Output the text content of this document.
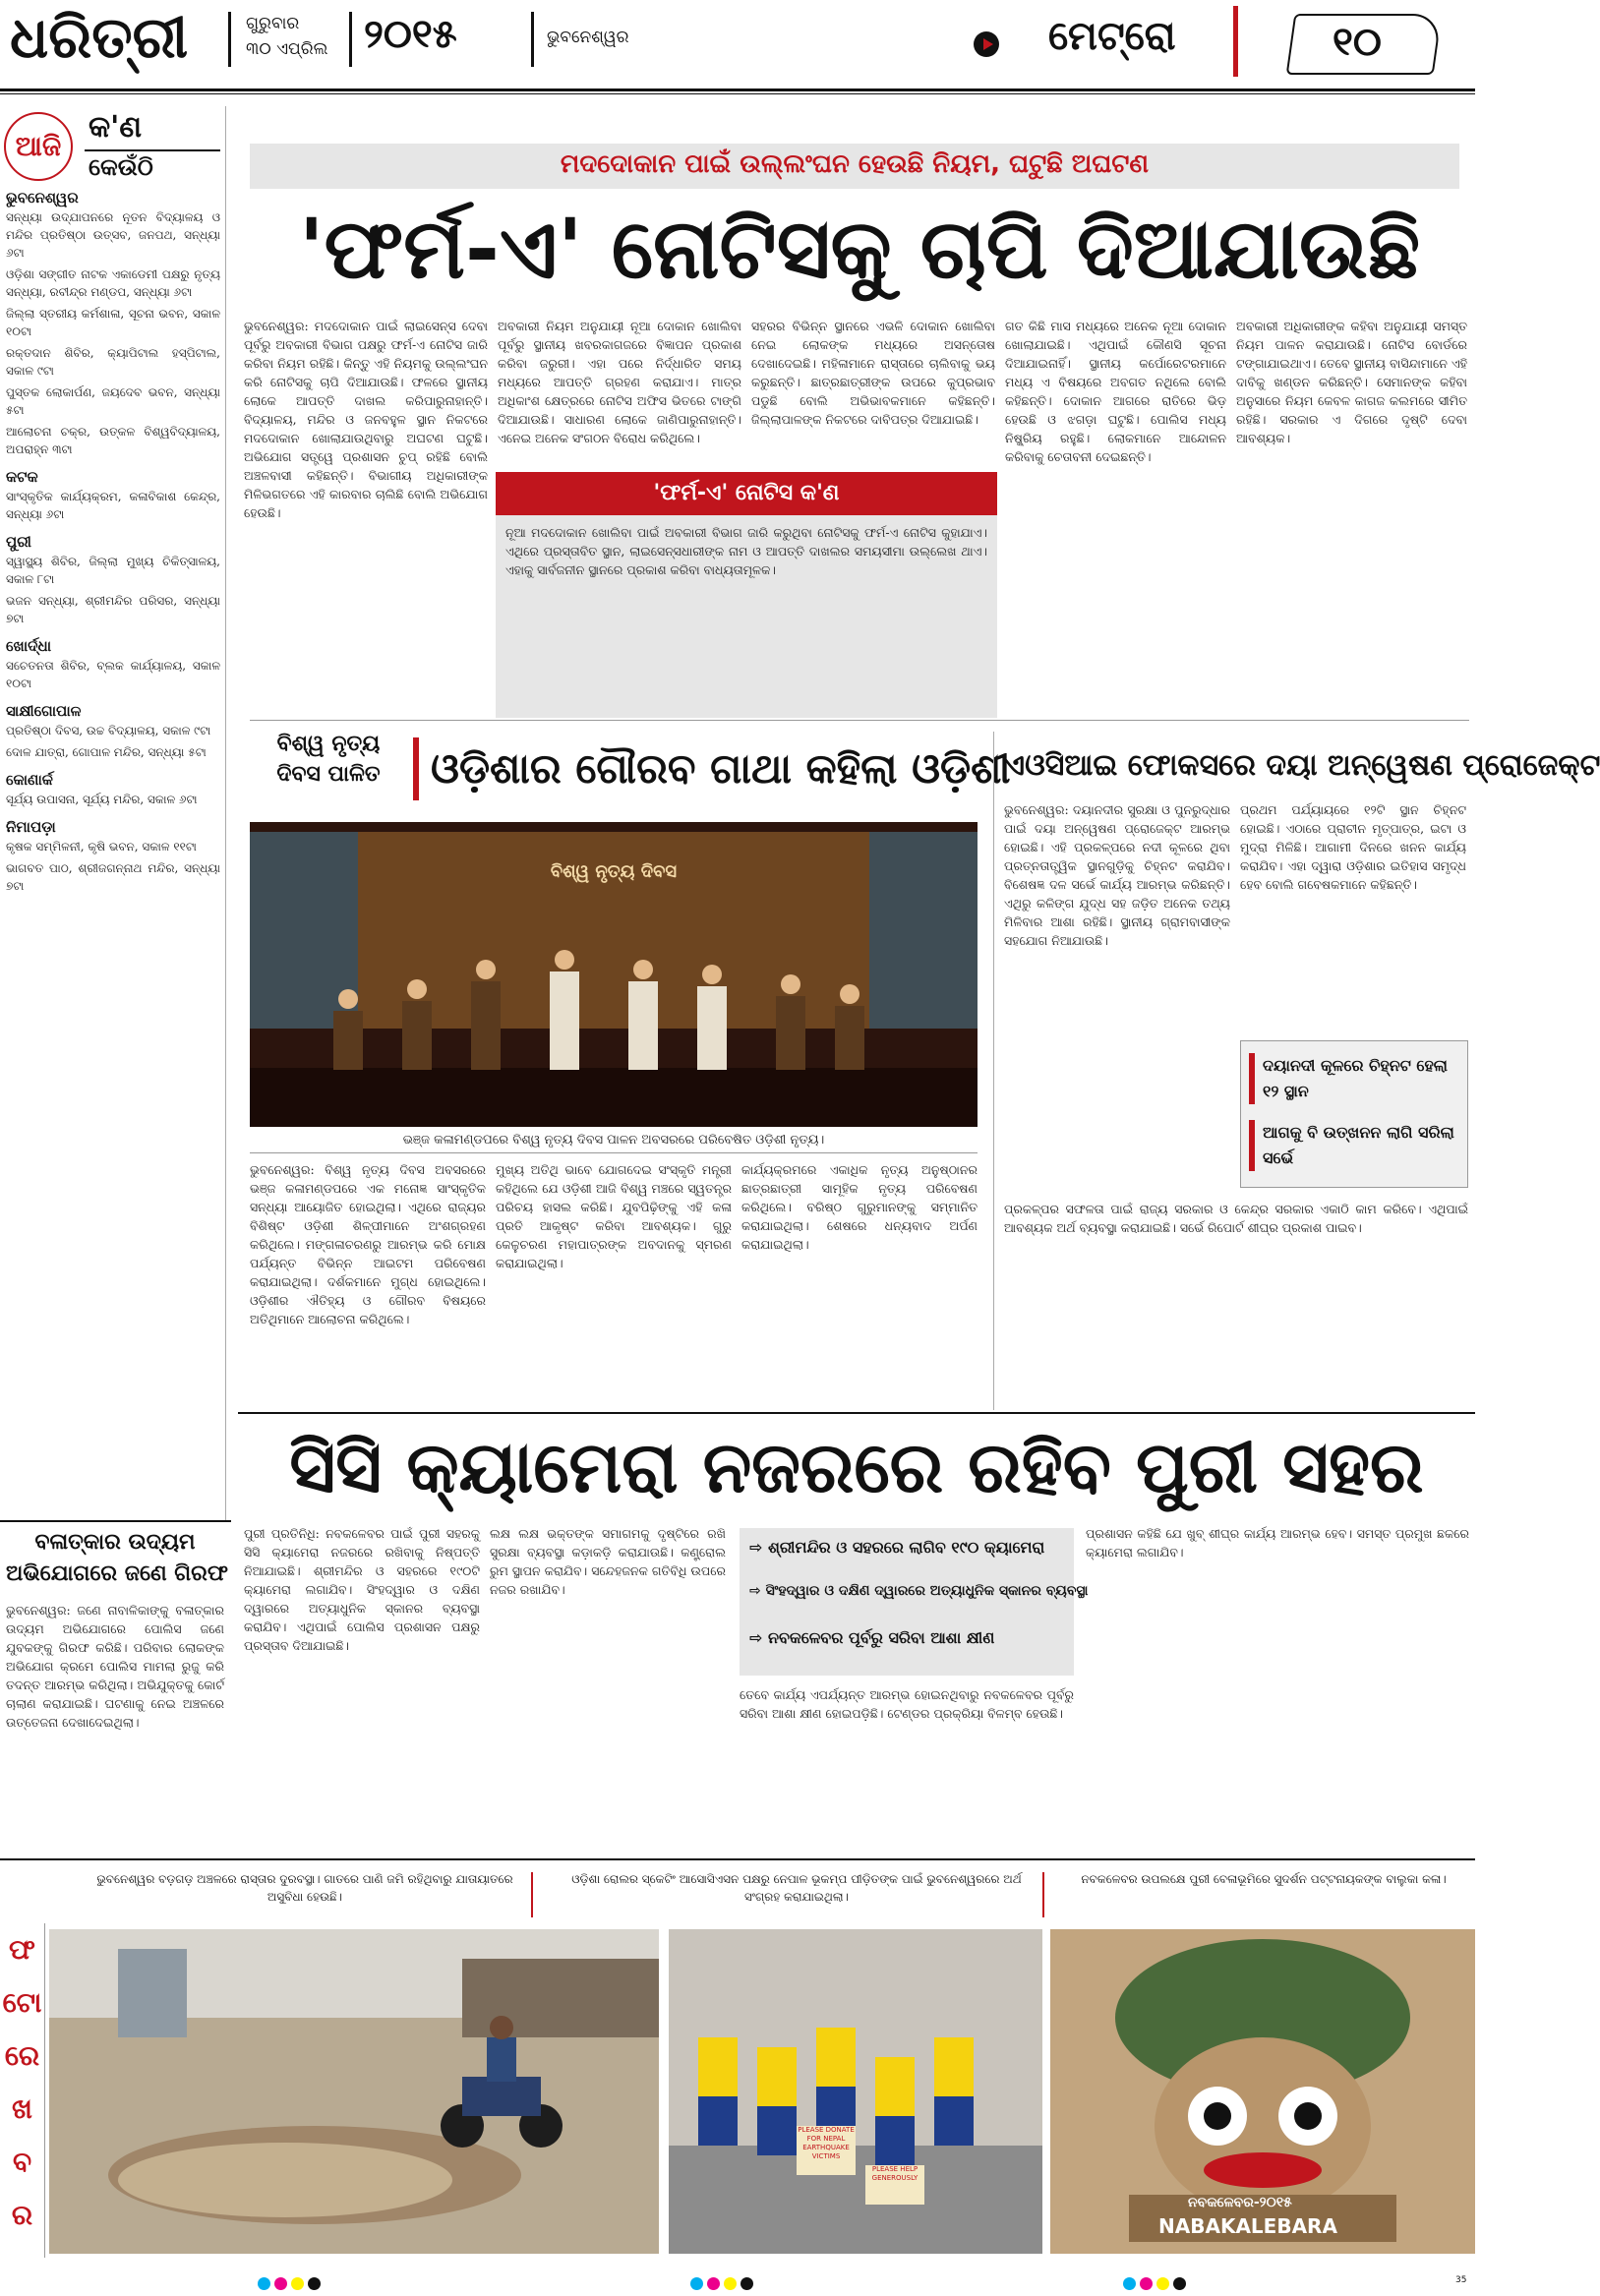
ଧରିତ୍ରୀ	ଗୁରୁବାର
୩୦ ଏପ୍ରିଲ ୨୦୧୫	ଭୁବନେଶ୍ୱର	ମେଟ୍ରୋ	୧୦
ଆଜି
କ'ଣ
କେଉଁଠି
ଭୁବନେଶ୍ୱର
ସନ୍ଧ୍ୟା ଉଦ୍‌ଯାପନରେ ନୂତନ ବିଦ୍ୟାଳୟ ଓ ମନ୍ଦିର ପ୍ରତିଷ୍ଠା ଉତ୍ସବ, ଜନପଥ, ସନ୍ଧ୍ୟା ୬ଟା
ଓଡ଼ିଶା ସଙ୍ଗୀତ ନାଟକ ଏକାଡେମୀ ପକ୍ଷରୁ ନୃତ୍ୟ ସନ୍ଧ୍ୟା, ରବୀନ୍ଦ୍ର ମଣ୍ଡପ, ସନ୍ଧ୍ୟା ୬ଟା
ଜିଲ୍ଲା ସ୍ତରୀୟ କର୍ମଶାଳା, ସୂଚନା ଭବନ, ସକାଳ ୧୦ଟା
ରକ୍ତଦାନ ଶିବିର, କ୍ୟାପିଟାଲ ହସ୍ପିଟାଲ, ସକାଳ ୯ଟା
ପୁସ୍ତକ ଲୋକାର୍ପଣ, ଜୟଦେବ ଭବନ, ସନ୍ଧ୍ୟା ୫ଟା
ଆଲୋଚନା ଚକ୍ର, ଉତ୍କଳ ବିଶ୍ୱବିଦ୍ୟାଳୟ, ଅପରାହ୍ନ ୩ଟା
କଟକ
ସାଂସ୍କୃତିକ କାର୍ଯ୍ୟକ୍ରମ, କଳାବିକାଶ କେନ୍ଦ୍ର, ସନ୍ଧ୍ୟା ୬ଟା
ପୁରୀ
ସ୍ୱାସ୍ଥ୍ୟ ଶିବିର, ଜିଲ୍ଲା ମୁଖ୍ୟ ଚିକିତ୍ସାଳୟ, ସକାଳ ୮ଟା
ଭଜନ ସନ୍ଧ୍ୟା, ଶ୍ରୀମନ୍ଦିର ପରିସର, ସନ୍ଧ୍ୟା ୭ଟା
ଖୋର୍ଦ୍ଧା
ସଚେତନତା ଶିବିର, ବ୍ଲକ କାର୍ଯ୍ୟାଳୟ, ସକାଳ ୧୦ଟା
ସାକ୍ଷୀଗୋପାଳ
ପ୍ରତିଷ୍ଠା ଦିବସ, ଉଚ୍ଚ ବିଦ୍ୟାଳୟ, ସକାଳ ୯ଟା
ଦୋଳ ଯାତ୍ରା, ଗୋପାଳ ମନ୍ଦିର, ସନ୍ଧ୍ୟା ୫ଟା
କୋଣାର୍କ
ସୂର୍ଯ୍ୟ ଉପାସନା, ସୂର୍ଯ୍ୟ ମନ୍ଦିର, ସକାଳ ୬ଟା
ନିମାପଡ଼ା
କୃଷକ ସମ୍ମିଳନୀ, କୃଷି ଭବନ, ସକାଳ ୧୧ଟା
ଭାଗବତ ପାଠ, ଶ୍ରୀଜଗନ୍ନାଥ ମନ୍ଦିର, ସନ୍ଧ୍ୟା ୭ଟା
ମଦଦୋକାନ ପାଇଁ ଉଲ୍ଲଂଘନ ହେଉଛି ନିୟମ, ଘଟୁଛି ଅଘଟଣ
'ଫର୍ମ-ଏ' ନୋଟିସକୁ ଚାପି ଦିଆଯାଉଛି
ଭୁବନେଶ୍ୱର: ମଦଦୋକାନ ପାଇଁ ଲାଇସେନ୍ସ ଦେବା ପୂର୍ବରୁ ଅବକାରୀ ବିଭାଗ ପକ୍ଷରୁ ଫର୍ମ-ଏ ନୋଟିସ ଜାରି କରିବା ନିୟମ ରହିଛି। କିନ୍ତୁ ଏହି ନିୟମକୁ ଉଲ୍ଲଂଘନ କରି ନୋଟିସକୁ ଚାପି ଦିଆଯାଉଛି। ଫଳରେ ସ୍ଥାନୀୟ ଲୋକେ ଆପତ୍ତି ଦାଖଲ କରିପାରୁନାହାନ୍ତି। ବିଦ୍ୟାଳୟ, ମନ୍ଦିର ଓ ଜନବହୁଳ ସ୍ଥାନ ନିକଟରେ ମଦଦୋକାନ ଖୋଲାଯାଉଥିବାରୁ ଅଘଟଣ ଘଟୁଛି। ଅଭିଯୋଗ ସତ୍ତ୍ୱେ ପ୍ରଶାସନ ଚୁପ୍ ରହିଛି ବୋଲି ଅଞ୍ଚଳବାସୀ କହିଛନ୍ତି। ବିଭାଗୀୟ ଅଧିକାରୀଙ୍କ ମିଳିଭଗତରେ ଏହି କାରବାର ଚାଲିଛି ବୋଲି ଅଭିଯୋଗ ହେଉଛି।
ଅବକାରୀ ନିୟମ ଅନୁଯାୟୀ ନୂଆ ଦୋକାନ ଖୋଲିବା ପୂର୍ବରୁ ସ୍ଥାନୀୟ ଖବରକାଗଜରେ ବିଜ୍ଞାପନ ପ୍ରକାଶ କରିବା ଜରୁରୀ। ଏହା ପରେ ନିର୍ଦ୍ଧାରିତ ସମୟ ମଧ୍ୟରେ ଆପତ୍ତି ଗ୍ରହଣ କରାଯାଏ। ମାତ୍ର ଅଧିକାଂଶ କ୍ଷେତ୍ରରେ ନୋଟିସ ଅଫିସ ଭିତରେ ଟାଙ୍ଗି ଦିଆଯାଉଛି। ସାଧାରଣ ଲୋକେ ଜାଣିପାରୁନାହାନ୍ତି। ଏନେଇ ଅନେକ ସଂଗଠନ ବିରୋଧ କରିଥିଲେ।
ସହରର ବିଭିନ୍ନ ସ୍ଥାନରେ ଏଭଳି ଦୋକାନ ଖୋଲିବା ନେଇ ଲୋକଙ୍କ ମଧ୍ୟରେ ଅସନ୍ତୋଷ ଦେଖାଦେଇଛି। ମହିଳାମାନେ ରାସ୍ତାରେ ଚାଲିବାକୁ ଭୟ କରୁଛନ୍ତି। ଛାତ୍ରଛାତ୍ରୀଙ୍କ ଉପରେ କୁପ୍ରଭାବ ପଡୁଛି ବୋଲି ଅଭିଭାବକମାନେ କହିଛନ୍ତି। ଜିଲ୍ଲାପାଳଙ୍କ ନିକଟରେ ଦାବିପତ୍ର ଦିଆଯାଇଛି।
'ଫର୍ମ-ଏ' ନୋଟିସ କ'ଣ
ନୂଆ ମଦଦୋକାନ ଖୋଲିବା ପାଇଁ ଅବକାରୀ ବିଭାଗ ଜାରି କରୁଥିବା ନୋଟିସକୁ ଫର୍ମ-ଏ ନୋଟିସ କୁହାଯାଏ। ଏଥିରେ ପ୍ରସ୍ତାବିତ ସ୍ଥାନ, ଲାଇସେନ୍ସଧାରୀଙ୍କ ନାମ ଓ ଆପତ୍ତି ଦାଖଲର ସମୟସୀମା ଉଲ୍ଲେଖ ଥାଏ। ଏହାକୁ ସାର୍ବଜନୀନ ସ୍ଥାନରେ ପ୍ରକାଶ କରିବା ବାଧ୍ୟତାମୂଳକ।
ଗତ କିଛି ମାସ ମଧ୍ୟରେ ଅନେକ ନୂଆ ଦୋକାନ ଖୋଲାଯାଇଛି। ଏଥିପାଇଁ କୌଣସି ସୂଚନା ଦିଆଯାଇନାହିଁ। ସ୍ଥାନୀୟ କର୍ପୋରେଟରମାନେ ମଧ୍ୟ ଏ ବିଷୟରେ ଅବଗତ ନଥିଲେ ବୋଲି କହିଛନ୍ତି। ଦୋକାନ ଆଗରେ ରାତିରେ ଭିଡ଼ ହେଉଛି ଓ ଝଗଡ଼ା ଘଟୁଛି। ପୋଲିସ ମଧ୍ୟ ନିଷ୍କ୍ରିୟ ରହୁଛି। ଲୋକମାନେ ଆନ୍ଦୋଳନ କରିବାକୁ ଚେତାବନୀ ଦେଇଛନ୍ତି।
ଅବକାରୀ ଅଧିକାରୀଙ୍କ କହିବା ଅନୁଯାୟୀ ସମସ୍ତ ନିୟମ ପାଳନ କରାଯାଉଛି। ନୋଟିସ ବୋର୍ଡରେ ଟଙ୍ଗାଯାଇଥାଏ। ତେବେ ସ୍ଥାନୀୟ ବାସିନ୍ଦାମାନେ ଏହି ଦାବିକୁ ଖଣ୍ଡନ କରିଛନ୍ତି। ସେମାନଙ୍କ କହିବା ଅନୁସାରେ ନିୟମ କେବଳ କାଗଜ କଲମରେ ସୀମିତ ରହିଛି। ସରକାର ଏ ଦିଗରେ ଦୃଷ୍ଟି ଦେବା ଆବଶ୍ୟକ।
ବିଶ୍ୱ ନୃତ୍ୟ
ଦିବସ ପାଳିତ	ଓଡ଼ିଶାର ଗୌରବ ଗାଥା କହିଲା ଓଡ଼ିଶୀ
ବିଶ୍ୱ ନୃତ୍ୟ ଦିବସ
ଭଞ୍ଜ କଳାମଣ୍ଡପରେ ବିଶ୍ୱ ନୃତ୍ୟ ଦିବସ ପାଳନ ଅବସରରେ ପରିବେଷିତ ଓଡ଼ିଶୀ ନୃତ୍ୟ।
ଭୁବନେଶ୍ୱର: ବିଶ୍ୱ ନୃତ୍ୟ ଦିବସ ଅବସରରେ ଭଞ୍ଜ କଳାମଣ୍ଡପରେ ଏକ ମନୋଜ୍ଞ ସାଂସ୍କୃତିକ ସନ୍ଧ୍ୟା ଆୟୋଜିତ ହୋଇଥିଲା। ଏଥିରେ ରାଜ୍ୟର ବିଶିଷ୍ଟ ଓଡ଼ିଶୀ ଶିଳ୍ପୀମାନେ ଅଂଶଗ୍ରହଣ କରିଥିଲେ। ମଙ୍ଗଳାଚରଣରୁ ଆରମ୍ଭ କରି ମୋକ୍ଷ ପର୍ଯ୍ୟନ୍ତ ବିଭିନ୍ନ ଆଇଟମ ପରିବେଷଣ କରାଯାଇଥିଲା। ଦର୍ଶକମାନେ ମୁଗ୍ଧ ହୋଇଥିଲେ। ଓଡ଼ିଶୀର ଐତିହ୍ୟ ଓ ଗୌରବ ବିଷୟରେ ଅତିଥିମାନେ ଆଲୋଚନା କରିଥିଲେ।
ମୁଖ୍ୟ ଅତିଥି ଭାବେ ଯୋଗଦେଇ ସଂସ୍କୃତି ମନ୍ତ୍ରୀ କହିଥିଲେ ଯେ ଓଡ଼ିଶୀ ଆଜି ବିଶ୍ୱ ମଞ୍ଚରେ ସ୍ୱତନ୍ତ୍ର ପରିଚୟ ହାସଲ କରିଛି। ଯୁବପିଢ଼ିଙ୍କୁ ଏହି କଳା ପ୍ରତି ଆକୃଷ୍ଟ କରିବା ଆବଶ୍ୟକ। ଗୁରୁ କେଳୁଚରଣ ମହାପାତ୍ରଙ୍କ ଅବଦାନକୁ ସ୍ମରଣ କରାଯାଇଥିଲା।
କାର୍ଯ୍ୟକ୍ରମରେ ଏକାଧିକ ନୃତ୍ୟ ଅନୁଷ୍ଠାନର ଛାତ୍ରଛାତ୍ରୀ ସାମୂହିକ ନୃତ୍ୟ ପରିବେଷଣ କରିଥିଲେ। ବରିଷ୍ଠ ଗୁରୁମାନଙ୍କୁ ସମ୍ମାନିତ କରାଯାଇଥିଲା। ଶେଷରେ ଧନ୍ୟବାଦ ଅର୍ପଣ କରାଯାଇଥିଲା।
ଏଓସିଆଇ ଫୋକସରେ ଦୟା ଅନ୍ୱେଷଣ ପ୍ରୋଜେକ୍ଟ
ଭୁବନେଶ୍ୱର: ଦୟାନଦୀର ସୁରକ୍ଷା ଓ ପୁନରୁଦ୍ଧାର ପାଇଁ ଦୟା ଅନ୍ୱେଷଣ ପ୍ରୋଜେକ୍ଟ ଆରମ୍ଭ ହୋଇଛି। ଏହି ପ୍ରକଳ୍ପରେ ନଦୀ କୂଳରେ ଥିବା ପ୍ରତ୍ନତାତ୍ତ୍ୱିକ ସ୍ଥାନଗୁଡ଼ିକୁ ଚିହ୍ନଟ କରାଯିବ। ବିଶେଷଜ୍ଞ ଦଳ ସର୍ଭେ କାର୍ଯ୍ୟ ଆରମ୍ଭ କରିଛନ୍ତି। ଏଥିରୁ କଳିଙ୍ଗ ଯୁଦ୍ଧ ସହ ଜଡ଼ିତ ଅନେକ ତଥ୍ୟ ମିଳିବାର ଆଶା ରହିଛି। ସ୍ଥାନୀୟ ଗ୍ରାମବାସୀଙ୍କ ସହଯୋଗ ନିଆଯାଉଛି।
ପ୍ରଥମ ପର୍ଯ୍ୟାୟରେ ୧୨ଟି ସ୍ଥାନ ଚିହ୍ନଟ ହୋଇଛି। ଏଠାରେ ପ୍ରାଚୀନ ମୃତ୍ପାତ୍ର, ଇଟା ଓ ମୁଦ୍ରା ମିଳିଛି। ଆଗାମୀ ଦିନରେ ଖନନ କାର୍ଯ୍ୟ କରାଯିବ। ଏହା ଦ୍ୱାରା ଓଡ଼ିଶାର ଇତିହାସ ସମୃଦ୍ଧ ହେବ ବୋଲି ଗବେଷକମାନେ କହିଛନ୍ତି।
ଦୟାନଦୀ କୂଳରେ ଚିହ୍ନଟ ହେଲା ୧୨ ସ୍ଥାନ
ଆଗକୁ ବି ଉତ୍ଖନନ ଲାଗି ସରିଲା ସର୍ଭେ
ପ୍ରକଳ୍ପର ସଫଳତା ପାଇଁ ରାଜ୍ୟ ସରକାର ଓ କେନ୍ଦ୍ର ସରକାର ଏକାଠି କାମ କରିବେ। ଏଥିପାଇଁ ଆବଶ୍ୟକ ଅର୍ଥ ବ୍ୟବସ୍ଥା କରାଯାଇଛି। ସର୍ଭେ ରିପୋର୍ଟ ଶୀଘ୍ର ପ୍ରକାଶ ପାଇବ।
ସିସି କ୍ୟାମେରା ନଜରରେ ରହିବ ପୁରୀ ସହର
ପୁରୀ ପ୍ରତିନିଧି: ନବକଳେବର ପାଇଁ ପୁରୀ ସହରକୁ ସିସି କ୍ୟାମେରା ନଜରରେ ରଖିବାକୁ ନିଷ୍ପତ୍ତି ନିଆଯାଇଛି। ଶ୍ରୀମନ୍ଦିର ଓ ସହରରେ ୧୯୦ଟି କ୍ୟାମେରା ଲଗାଯିବ। ସିଂହଦ୍ୱାର ଓ ଦକ୍ଷିଣ ଦ୍ୱାରରେ ଅତ୍ୟାଧୁନିକ ସ୍କାନର ବ୍ୟବସ୍ଥା କରାଯିବ। ଏଥିପାଇଁ ପୋଲିସ ପ୍ରଶାସନ ପକ୍ଷରୁ ପ୍ରସ୍ତାବ ଦିଆଯାଇଛି।
ଲକ୍ଷ ଲକ୍ଷ ଭକ୍ତଙ୍କ ସମାଗମକୁ ଦୃଷ୍ଟିରେ ରଖି ସୁରକ୍ଷା ବ୍ୟବସ୍ଥା କଡ଼ାକଡ଼ି କରାଯାଉଛି। କଣ୍ଟ୍ରୋଲ ରୁମ ସ୍ଥାପନ କରାଯିବ। ସନ୍ଦେହଜନକ ଗତିବିଧି ଉପରେ ନଜର ରଖାଯିବ।
⇨ ଶ୍ରୀମନ୍ଦିର ଓ ସହରରେ ଲାଗିବ ୧୯୦ କ୍ୟାମେରା
⇨ ସିଂହଦ୍ୱାର ଓ ଦକ୍ଷିଣ ଦ୍ୱାରରେ ଅତ୍ୟାଧୁନିକ ସ୍କାନର ବ୍ୟବସ୍ଥା
⇨ ନବକଳେବର ପୂର୍ବରୁ ସରିବା ଆଶା କ୍ଷୀଣ
ତେବେ କାର୍ଯ୍ୟ ଏପର୍ଯ୍ୟନ୍ତ ଆରମ୍ଭ ହୋଇନଥିବାରୁ ନବକଳେବର ପୂର୍ବରୁ ସରିବା ଆଶା କ୍ଷୀଣ ହୋଇପଡ଼ିଛି। ଟେଣ୍ଡର ପ୍ରକ୍ରିୟା ବିଳମ୍ବ ହେଉଛି।
ପ୍ରଶାସନ କହିଛି ଯେ ଖୁବ୍ ଶୀଘ୍ର କାର୍ଯ୍ୟ ଆରମ୍ଭ ହେବ। ସମସ୍ତ ପ୍ରମୁଖ ଛକରେ କ୍ୟାମେରା ଲଗାଯିବ।
ବଳାତ୍କାର ଉଦ୍ୟମ
ଅଭିଯୋଗରେ ଜଣେ ଗିରଫ
ଭୁବନେଶ୍ୱର: ଜଣେ ନାବାଳିକାଙ୍କୁ ବଳାତ୍କାର ଉଦ୍ୟମ ଅଭିଯୋଗରେ ପୋଲିସ ଜଣେ ଯୁବକଙ୍କୁ ଗିରଫ କରିଛି। ପରିବାର ଲୋକଙ୍କ ଅଭିଯୋଗ କ୍ରମେ ପୋଲିସ ମାମଲା ରୁଜୁ କରି ତଦନ୍ତ ଆରମ୍ଭ କରିଥିଲା। ଅଭିଯୁକ୍ତକୁ କୋର୍ଟ ଚାଲାଣ କରାଯାଇଛି। ଘଟଣାକୁ ନେଇ ଅଞ୍ଚଳରେ ଉତ୍ତେଜନା ଦେଖାଦେଇଥିଲା।
ଫ
ଟୋ
ରେ
ଖ
ବ
ର
ଭୁବନେଶ୍ୱର ବଡ଼ଗଡ଼ ଅଞ୍ଚଳରେ ରାସ୍ତାର ଦୁରବସ୍ଥା। ଗାତରେ ପାଣି ଜମି ରହିଥିବାରୁ ଯାତାୟାତରେ ଅସୁବିଧା ହେଉଛି।
ଓଡ଼ିଶା ରୋଲର ସ୍କେଟିଂ ଆସୋସିଏସନ ପକ୍ଷରୁ ନେପାଳ ଭୂକମ୍ପ ପୀଡ଼ିତଙ୍କ ପାଇଁ ଭୁବନେଶ୍ୱରରେ ଅର୍ଥ ସଂଗ୍ରହ କରାଯାଇଥିଲା।
ନବକଳେବର ଉପଲକ୍ଷେ ପୁରୀ ବେଳାଭୂମିରେ ସୁଦର୍ଶନ ପଟ୍ଟନାୟକଙ୍କ ବାଲୁକା କଳା।
PLEASE DONATE FOR NEPAL EARTHQUAKE VICTIMS
PLEASE HELP GENEROUSLY
ନବକଳେବର-୨୦୧୫
NABAKALEBARA
35
